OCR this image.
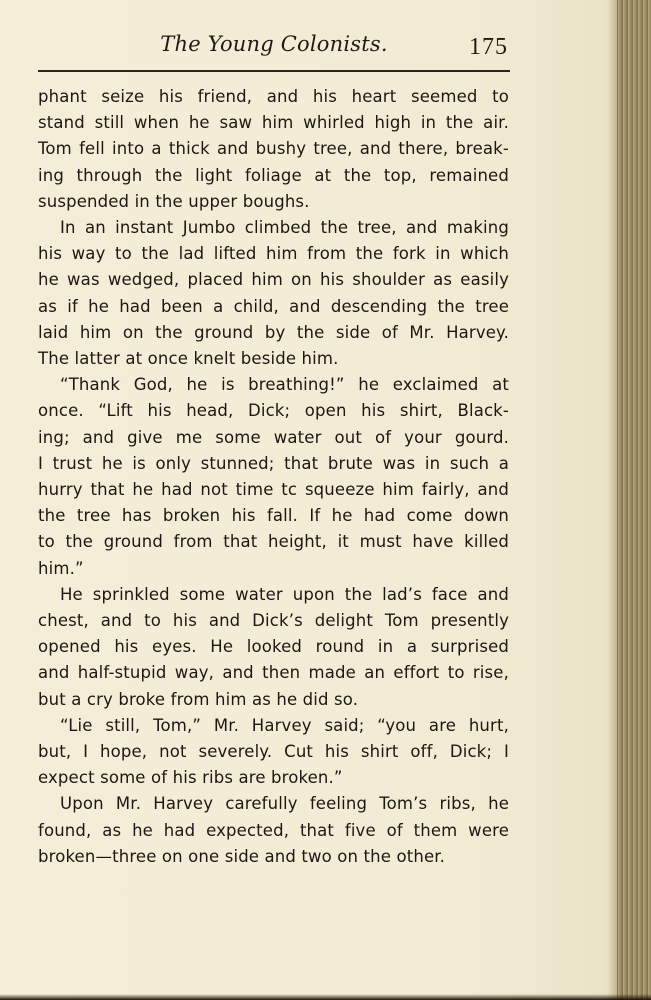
The Young Colonists.	175
phant seize his friend, and his heart seemed to
stand still when he saw him whirled high in the air.
Tom fell into a thick and bushy tree, and there, break-
ing through the light foliage at the top, remained
suspended in the upper boughs.
In an instant Jumbo climbed the tree, and making
his way to the lad lifted him from the fork in which
he was wedged, placed him on his shoulder as easily
as if he had been a child, and descending the tree
laid him on the ground by the side of Mr. Harvey.
The latter at once knelt beside him.
“Thank God, he is breathing!” he exclaimed at
once. “Lift his head, Dick; open his shirt, Black-
ing; and give me some water out of your gourd.
I trust he is only stunned; that brute was in such a
hurry that he had not time tc squeeze him fairly, and
the tree has broken his fall. If he had come down
to the ground from that height, it must have killed
him.”
He sprinkled some water upon the lad’s face and
chest, and to his and Dick’s delight Tom presently
opened his eyes. He looked round in a surprised
and half-stupid way, and then made an effort to rise,
but a cry broke from him as he did so.
“Lie still, Tom,” Mr. Harvey said; “you are hurt,
but, I hope, not severely. Cut his shirt off, Dick; I
expect some of his ribs are broken.”
Upon Mr. Harvey carefully feeling Tom’s ribs, he
found, as he had expected, that five of them were
broken—three on one side and two on the other.
